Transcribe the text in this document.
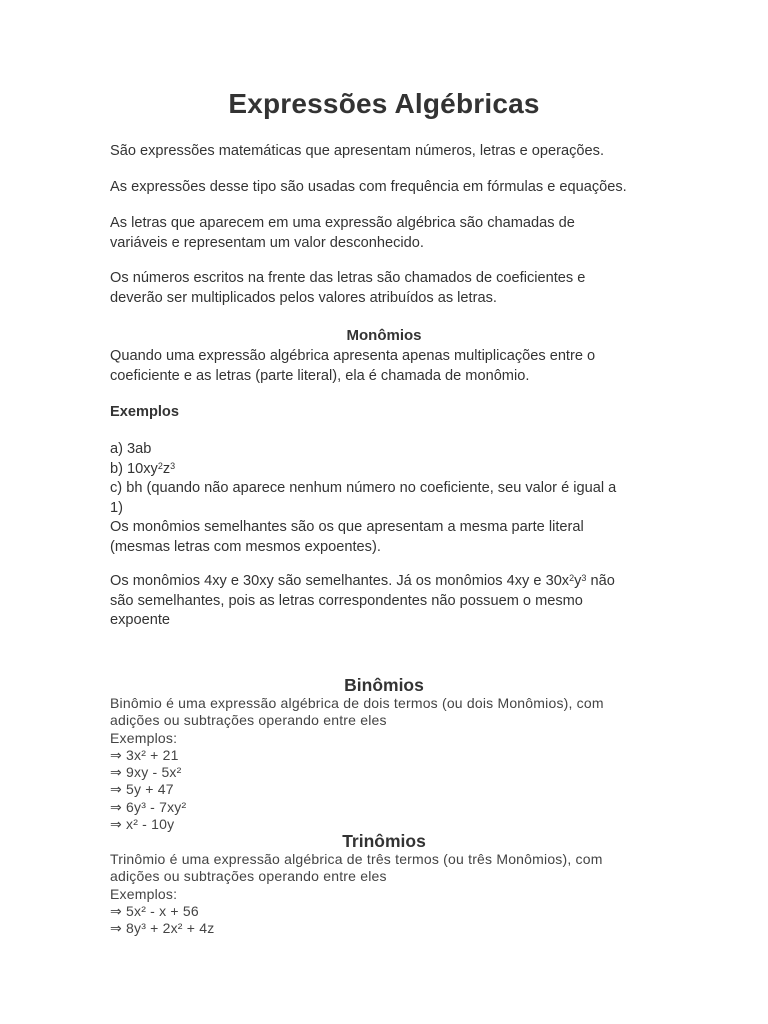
Expressões Algébricas

São expressões matemáticas que apresentam números, letras e operações.

As expressões desse tipo são usadas com frequência em fórmulas e equações.

As letras que aparecem em uma expressão algébrica são chamadas de
variáveis e representam um valor desconhecido.
Os números escritos na frente das letras são chamados de coeficientes e
deverão ser multiplicados pelos valores atribuídos as letras.
Monômios
Quando uma expressão algébrica apresenta apenas multiplicações entre o
coeficiente e as letras (parte literal), ela é chamada de monômio.

Exemplos

a) 3ab
b) $10xy^2z^3$
c) bh (quando não aparece nenhum número no coeficiente, seu valor é igual a
1)
Os monômios semelhantes são os que apresentam a mesma parte literal
(mesmas letras com mesmos expoentes).
Os monômios 4xy e 30xy são semelhantes. Já os monômios 4xy e $30x^2y^3$ não
são semelhantes, pois as letras correspondentes não possuem o mesmo
expoente
Binômios
Binômio é uma expressão algébrica de dois termos (ou dois Monômios), com
adições ou subtrações operando entre eles
Exemplos:
⇒ 3x² + 21
⇒ 9xy - 5x²
⇒ 5y + 47
⇒ 6y³ - 7xy²
⇒ x² - 10y
Trinômios
Trinômio é uma expressão algébrica de três termos (ou três Monômios), com
adições ou subtrações operando entre eles
Exemplos:
⇒ 5x² - x + 56
⇒ 8y³ + 2x² + 4z
